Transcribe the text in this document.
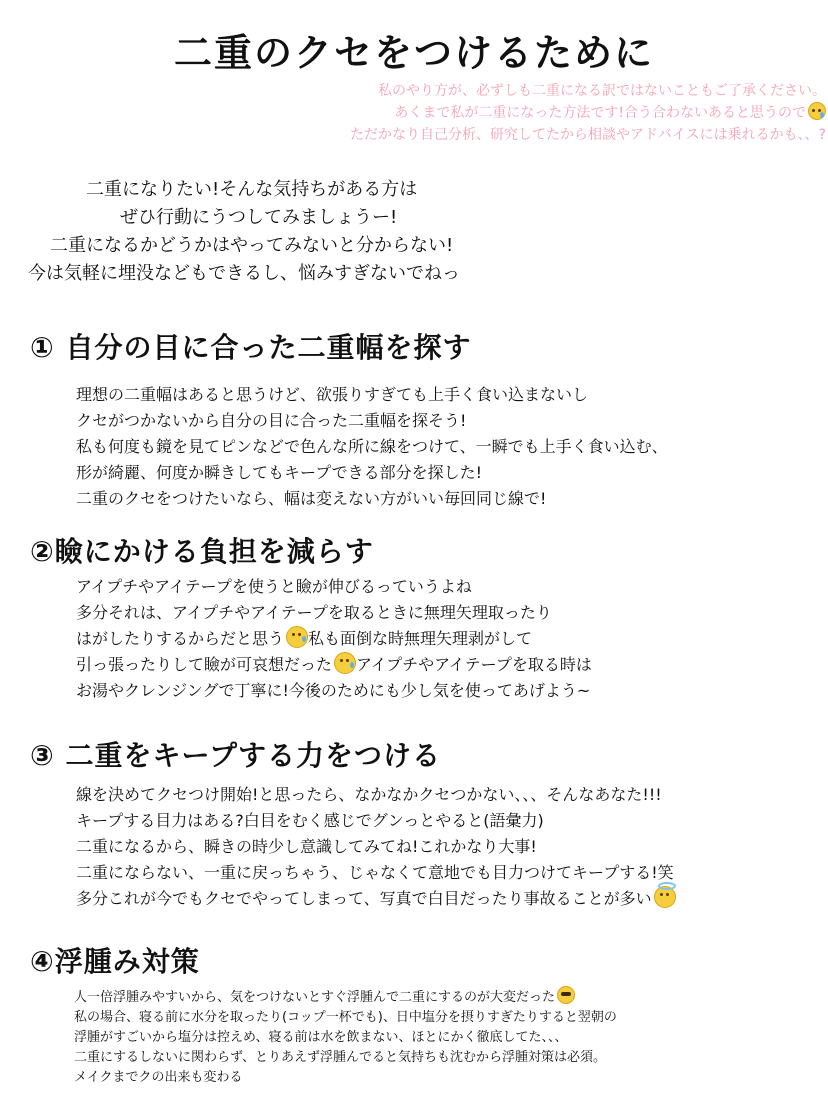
二重のクセをつけるために
私のやり方が、必ずしも二重になる訳ではないこともご了承ください。
あくまで私が二重になった方法です!合う合わないあると思うので
ただかなり自己分析、研究してたから相談やアドバイスには乗れるかも、、?
二重になりたい!そんな気持ちがある方は
ぜひ行動にうつしてみましょうー!
二重になるかどうかはやってみないと分からない!
今は気軽に埋没などもできるし、悩みすぎないでねっ
① 自分の目に合った二重幅を探す
理想の二重幅はあると思うけど、欲張りすぎても上手く食い込まないし
クセがつかないから自分の目に合った二重幅を探そう!
私も何度も鏡を見てピンなどで色んな所に線をつけて、一瞬でも上手く食い込む、
形が綺麗、何度か瞬きしてもキープできる部分を探した!
二重のクセをつけたいなら、幅は変えない方がいい毎回同じ線で!
②瞼にかける負担を減らす
アイプチやアイテープを使うと瞼が伸びるっていうよね
多分それは、アイプチやアイテープを取るときに無理矢理取ったり
はがしたりするからだと思う 私も面倒な時無理矢理剥がして
引っ張ったりして瞼が可哀想だった アイプチやアイテープを取る時は
お湯やクレンジングで丁寧に!今後のためにも少し気を使ってあげよう~
③ 二重をキープする力をつける
線を決めてクセつけ開始!と思ったら、なかなかクセつかない、、、そんなあなた!!!
キープする目力はある?白目をむく感じでグンっとやると(語彙力)
二重になるから、瞬きの時少し意識してみてね!これかなり大事!
二重にならない、一重に戻っちゃう、じゃなくて意地でも目力つけてキープする!笑
多分これが今でもクセでやってしまって、写真で白目だったり事故ることが多い
④浮腫み対策
人一倍浮腫みやすいから、気をつけないとすぐ浮腫んで二重にするのが大変だった
私の場合、寝る前に水分を取ったり(コップ一杯でも)、日中塩分を摂りすぎたりすると翌朝の
浮腫がすごいから塩分は控えめ、寝る前は水を飲まない、ほとにかく徹底してた、、、
二重にするしないに関わらず、とりあえず浮腫んでると気持ちも沈むから浮腫対策は必須。
メイクまでクの出来も変わる
